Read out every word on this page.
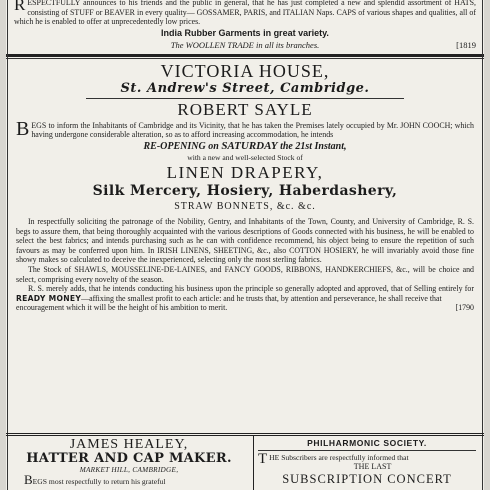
RESPECTFULLY announces to his friends and the public in general, that he has just completed a new and splendid assortment of HATS, consisting of STUFF or BEAVER in every quality— GOSSAMER, PARIS, and ITALIAN Naps. CAPS of various shapes and qualities, all of which he is enabled to offer at unprecedentedly low prices.

India Rubber Garments in great variety.

The WOOLLEN TRADE in all its branches.	[1819

VICTORIA HOUSE,

St. Andrew's Street, Cambridge.

ROBERT SAYLE

BEGS to inform the Inhabitants of Cambridge and its Vicinity, that he has taken the Premises lately occupied by Mr. JOHN COOCH; which having undergone considerable alteration, so as to afford increasing accommodation, he intends

RE-OPENING on SATURDAY the 21st Instant,

with a new and well-selected Stock of

LINEN DRAPERY,

Silk Mercery, Hosiery, Haberdashery,

STRAW BONNETS, &c. &c.

In respectfully soliciting the patronage of the Nobility, Gentry, and Inhabitants of the Town, County, and University of Cambridge, R. S. begs to assure them, that being thoroughly acquainted with the various descriptions of Goods connected with his business, he will be enabled to select the best fabrics; and intends purchasing such as he can with confidence recommend, his object being to ensure the repetition of such favours as may be conferred upon him. In IRISH LINENS, SHEETING, &c., also COTTON HOSIERY, he will invariably avoid those fine showy makes so calculated to deceive the inexperienced, selecting only the most sterling fabrics.

The Stock of SHAWLS, MOUSSELINE-DE-LAINES, and FANCY GOODS, RIBBONS, HANDKERCHIEFS, &c., will be choice and select, comprising every novelty of the season.

R. S. merely adds, that he intends conducting his business upon the principle so generally adopted and approved, that of Selling entirely for READY MONEY—affixing the smallest profit to each article: and he trusts that, by attention and perseverance, he shall receive that

encouragement which it will be the height of his ambition to merit.	[1790

JAMES HEALEY,

HATTER AND CAP MAKER.

MARKET HILL, CAMBRIDGE,

BEGS most respectfully to return his grateful

PHILHARMONIC SOCIETY.

THE Subscribers are respectfully informed that

THE LAST

SUBSCRIPTION CONCERT
